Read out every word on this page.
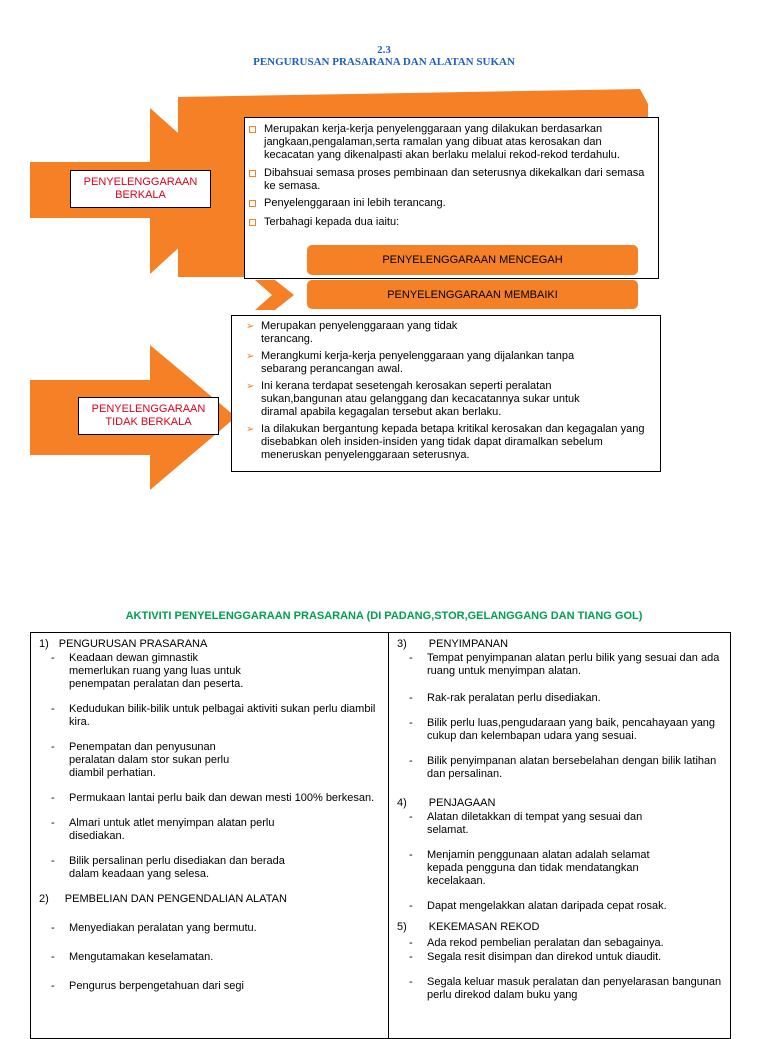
2.3
PENGURUSAN PRASARANA DAN ALATAN SUKAN
PENYELENGGARAAN BERKALA
PENYELENGGARAAN TIDAK BERKALA
Merupakan kerja-kerja penyelenggaraan yang dilakukan berdasarkan jangkaan,pengalaman,serta ramalan yang dibuat atas kerosakan dan kecacatan yang dikenalpasti akan berlaku melalui rekod-rekod terdahulu.
Dibahsuai semasa proses pembinaan dan seterusnya dikekalkan dari semasa ke semasa.
Penyelenggaraan ini lebih terancang.
Terbahagi kepada dua iaitu:
PENYELENGGARAAN MENCEGAH
PENYELENGGARAAN MEMBAIKI
➢ Merupakan penyelenggaraan yang tidak terancang.
➢ Merangkumi kerja-kerja penyelenggaraan yang dijalankan tanpa sebarang perancangan awal.
➢ Ini kerana terdapat sesetengah kerosakan seperti peralatan sukan,bangunan atau gelanggang dan kecacatannya sukar untuk diramal apabila kegagalan tersebut akan berlaku.
➢ Ia dilakukan bergantung kepada betapa kritikal kerosakan dan kegagalan yang disebabkan oleh insiden-insiden yang tidak dapat diramalkan sebelum meneruskan penyelenggaraan seterusnya.
AKTIVITI PENYELENGGARAAN PRASARANA (DI PADANG,STOR,GELANGGANG DAN TIANG GOL)
1) PENGURUSAN PRASARANA
- Keadaan dewan gimnastik memerlukan ruang yang luas untuk penempatan peralatan dan peserta.
- Kedudukan bilik-bilik untuk pelbagai aktiviti sukan perlu diambil kira.
- Penempatan dan penyusunan peralatan dalam stor sukan perlu diambil perhatian.
- Permukaan lantai perlu baik dan dewan mesti 100% berkesan.
- Almari untuk atlet menyimpan alatan perlu disediakan.
- Bilik persalinan perlu disediakan dan berada dalam keadaan yang selesa.
2) PEMBELIAN DAN PENGENDALIAN ALATAN
- Menyediakan peralatan yang bermutu.
- Mengutamakan keselamatan.
- Pengurus berpengetahuan dari segi

3) PENYIMPANAN
- Tempat penyimpanan alatan perlu bilik yang sesuai dan ada ruang untuk menyimpan alatan.
- Rak-rak peralatan perlu disediakan.
- Bilik perlu luas,pengudaraan yang baik, pencahayaan yang cukup dan kelembapan udara yang sesuai.
- Bilik penyimpanan alatan bersebelahan dengan bilik latihan dan persalinan.
4) PENJAGAAN
- Alatan diletakkan di tempat yang sesuai dan selamat.
- Menjamin penggunaan alatan adalah selamat kepada pengguna dan tidak mendatangkan kecelakaan.
- Dapat mengelakkan alatan daripada cepat rosak.
5) KEKEMASAN REKOD
- Ada rekod pembelian peralatan dan sebagainya.
- Segala resit disimpan dan direkod untuk diaudit.
- Segala keluar masuk peralatan dan penyelarasan bangunan perlu direkod dalam buku yang
